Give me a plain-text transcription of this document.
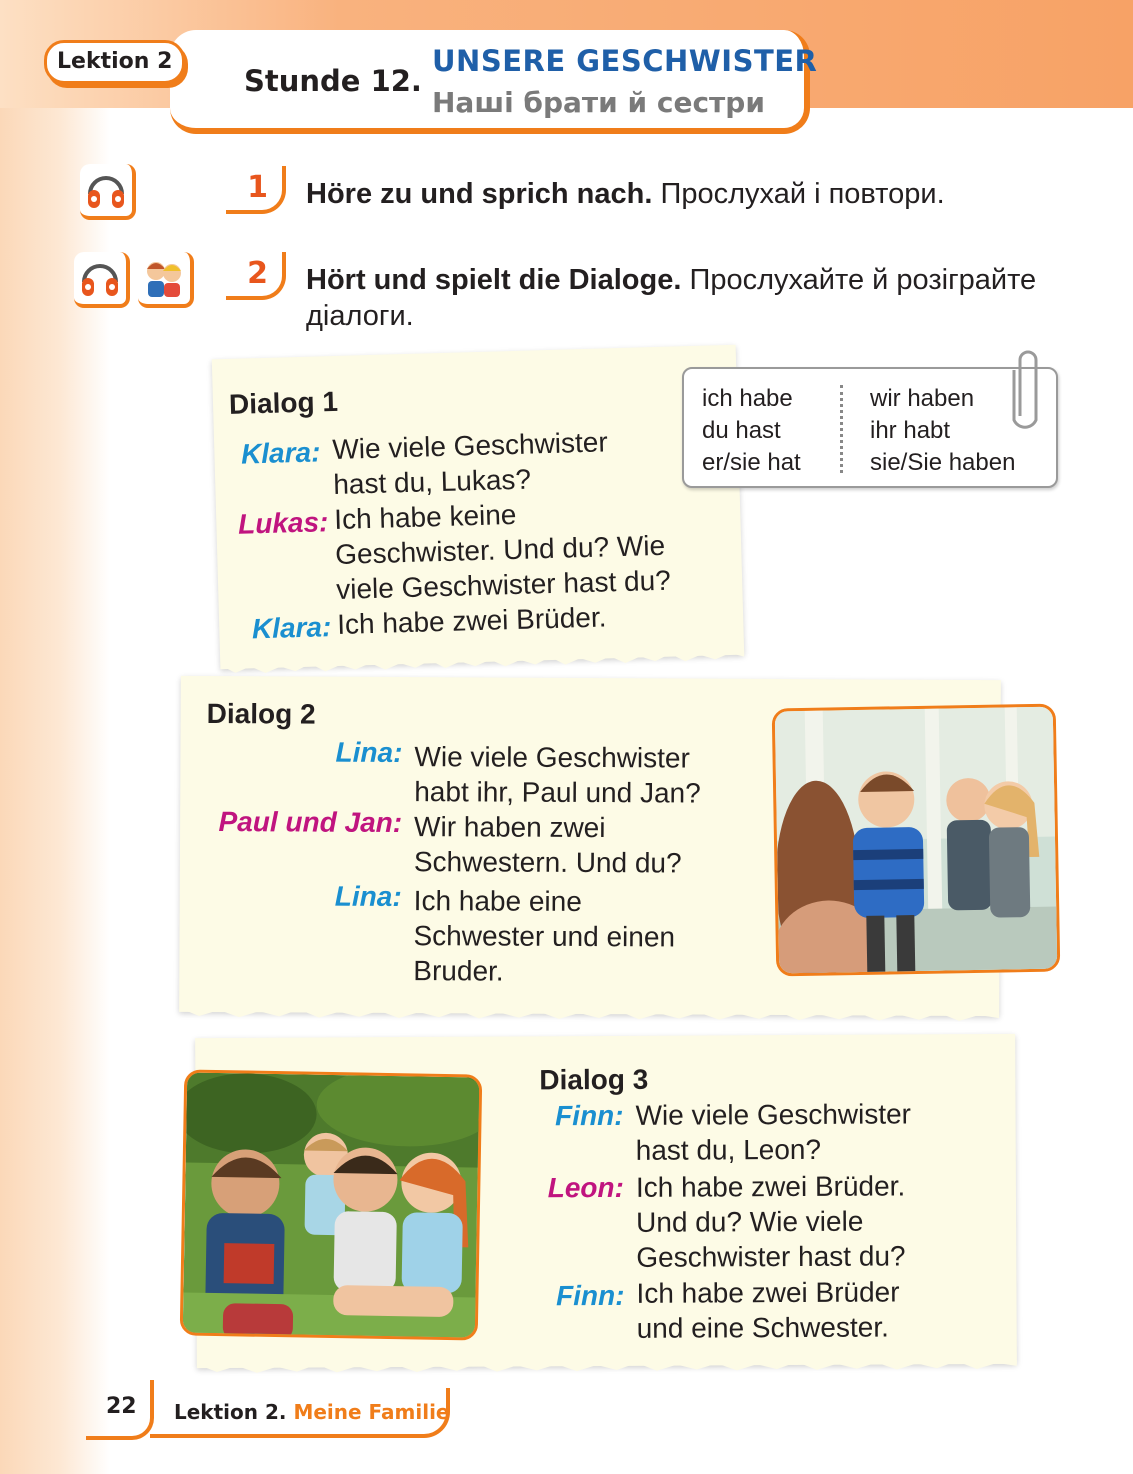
Lektion 2
Stunde 12.
UNSERE GESCHWISTER
Наші брати й сестри
1	Höre zu und sprich nach. Прослухай і повтори.
2	Hört und spielt die Dialoge. Прослухайте й розіграйте
діалоги.
Dialog 1
Klara: Wie viele Geschwister
hast du, Lukas?
Lukas: Ich habe keine
Geschwister. Und du? Wie
viele Geschwister hast du?
Klara: Ich habe zwei Brüder.
ich habe
du hast
er/sie hat
wir haben
ihr habt
sie/Sie haben
Dialog 2
Lina: Wie viele Geschwister
habt ihr, Paul und Jan?
Paul und Jan: Wir haben zwei
Schwestern. Und du?
Lina: Ich habe eine
Schwester und einen
Bruder.
Dialog 3
Finn: Wie viele Geschwister
hast du, Leon?
Leon: Ich habe zwei Brüder.
Und du? Wie viele
Geschwister hast du?
Finn: Ich habe zwei Brüder
und eine Schwester.
22 Lektion 2. Meine Familie
